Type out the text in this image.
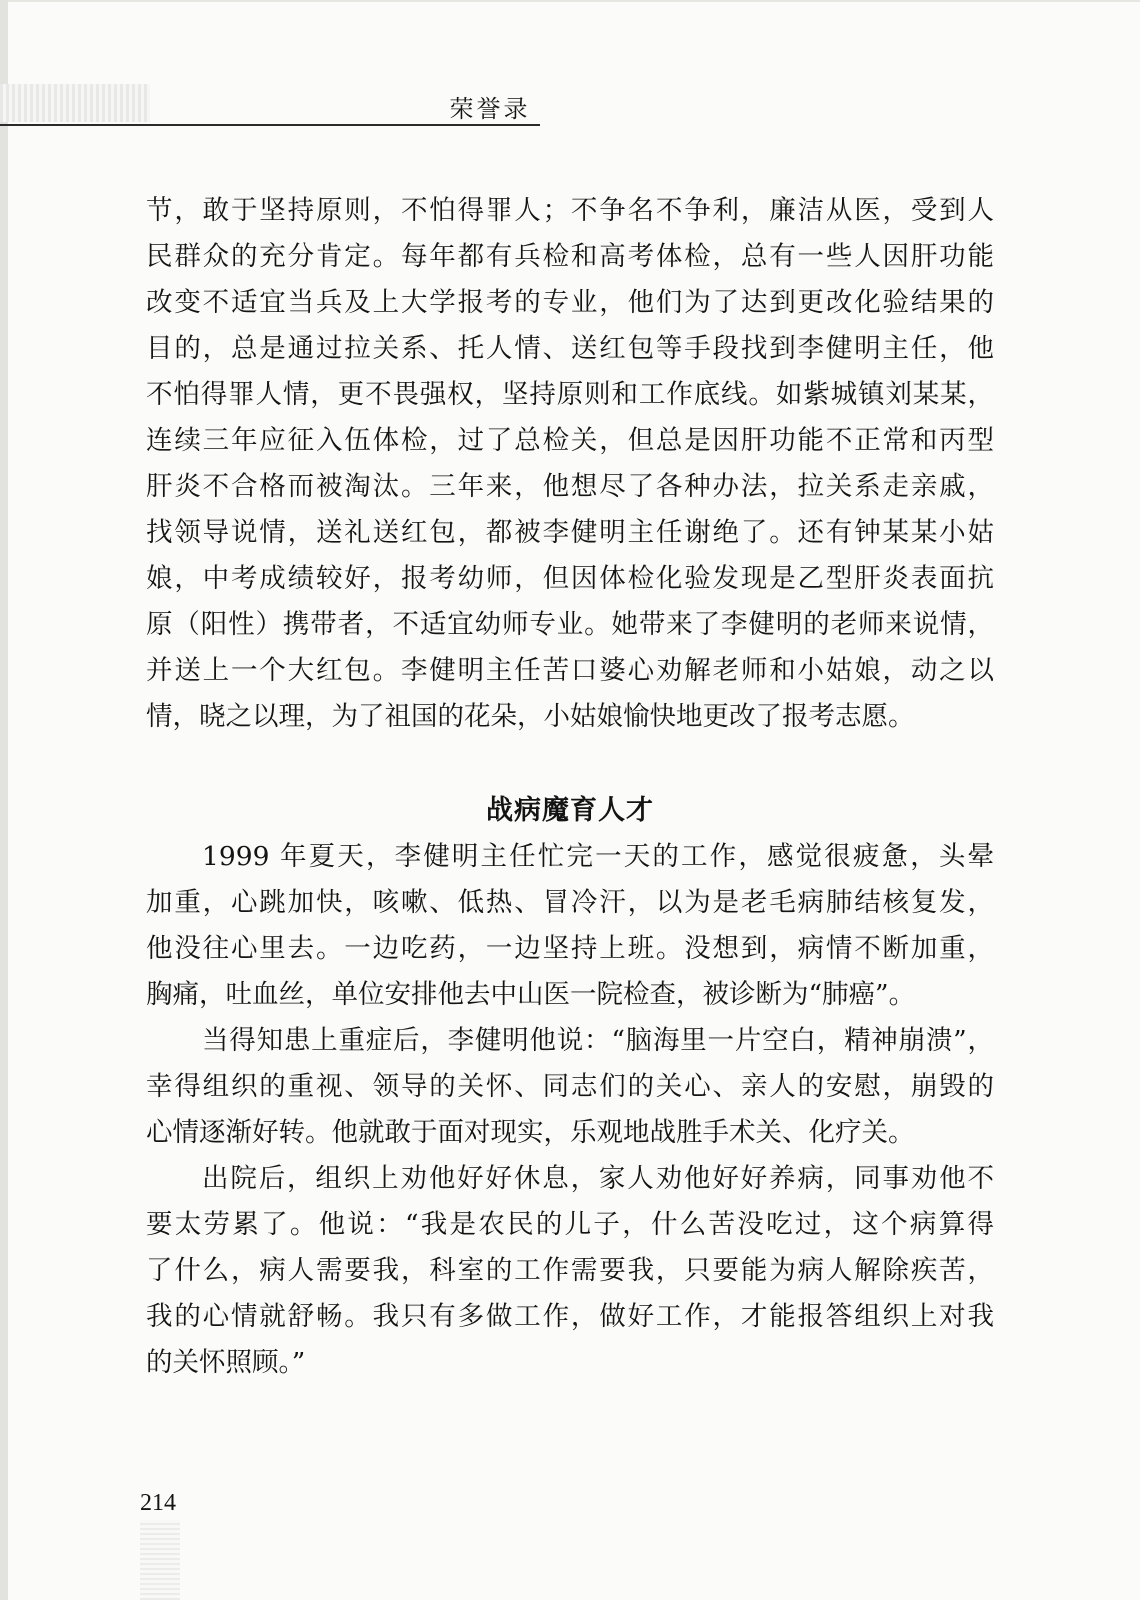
荣誉录
节，敢于坚持原则，不怕得罪人；不争名不争利，廉洁从医，受到人
民群众的充分肯定。每年都有兵检和高考体检，总有一些人因肝功能
改变不适宜当兵及上大学报考的专业，他们为了达到更改化验结果的
目的，总是通过拉关系、托人情、送红包等手段找到李健明主任，他
不怕得罪人情，更不畏强权，坚持原则和工作底线。如紫城镇刘某某，
连续三年应征入伍体检，过了总检关，但总是因肝功能不正常和丙型
肝炎不合格而被淘汰。三年来，他想尽了各种办法，拉关系走亲戚，
找领导说情，送礼送红包，都被李健明主任谢绝了。还有钟某某小姑
娘，中考成绩较好，报考幼师，但因体检化验发现是乙型肝炎表面抗
原（阳性）携带者，不适宜幼师专业。她带来了李健明的老师来说情，
并送上一个大红包。李健明主任苦口婆心劝解老师和小姑娘，动之以
情，晓之以理，为了祖国的花朵，小姑娘愉快地更改了报考志愿。
战病魔育人才
1999 年夏天，李健明主任忙完一天的工作，感觉很疲惫，头晕
加重，心跳加快，咳嗽、低热、冒冷汗，以为是老毛病肺结核复发，
他没往心里去。一边吃药，一边坚持上班。没想到，病情不断加重，
胸痛，吐血丝，单位安排他去中山医一院检查，被诊断为“肺癌”。
当得知患上重症后，李健明他说：“脑海里一片空白，精神崩溃”，
幸得组织的重视、领导的关怀、同志们的关心、亲人的安慰，崩毁的
心情逐渐好转。他就敢于面对现实，乐观地战胜手术关、化疗关。
出院后，组织上劝他好好休息，家人劝他好好养病，同事劝他不
要太劳累了。他说：“我是农民的儿子，什么苦没吃过，这个病算得
了什么，病人需要我，科室的工作需要我，只要能为病人解除疾苦，
我的心情就舒畅。我只有多做工作，做好工作，才能报答组织上对我
的关怀照顾。”
214
